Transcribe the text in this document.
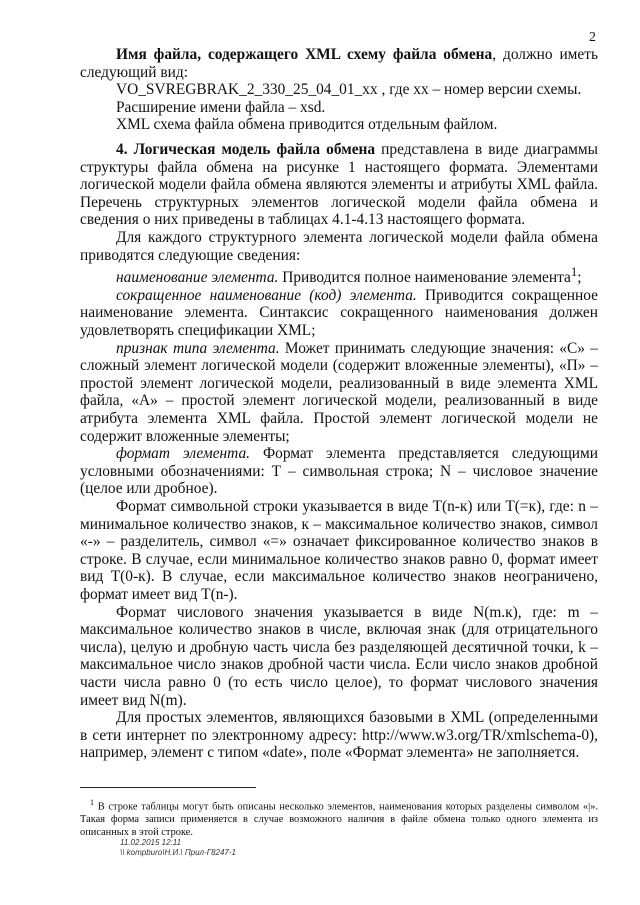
2

Имя файла, содержащего XML схему файла обмена, должно иметь следующий вид:

VO_SVREGBRAK_2_330_25_04_01_xx , где xx – номер версии схемы.

Расширение имени файла – xsd.

XML схема файла обмена приводится отдельным файлом.

4. Логическая модель файла обмена представлена в виде диаграммы структуры файла обмена на рисунке 1 настоящего формата. Элементами логической модели файла обмена являются элементы и атрибуты XML файла. Перечень структурных элементов логической модели файла обмена и сведения о них приведены в таблицах 4.1-4.13 настоящего формата.

Для каждого структурного элемента логической модели файла обмена приводятся следующие сведения:

наименование элемента. Приводится полное наименование элемента$^1$;

сокращенное наименование (код) элемента. Приводится сокращенное наименование элемента. Синтаксис сокращенного наименования должен удовлетворять спецификации XML;

признак типа элемента. Может принимать следующие значения: «С» – сложный элемент логической модели (содержит вложенные элементы), «П» – простой элемент логической модели, реализованный в виде элемента XML файла, «А» – простой элемент логической модели, реализованный в виде атрибута элемента XML файла. Простой элемент логической модели не содержит вложенные элементы;

формат элемента. Формат элемента представляется следующими условными обозначениями: Т – символьная строка; N – числовое значение (целое или дробное).

Формат символьной строки указывается в виде Т(n-к) или Т(=к), где: n – минимальное количество знаков, к – максимальное количество знаков, символ «-» – разделитель, символ «=» означает фиксированное количество знаков в строке. В случае, если минимальное количество знаков равно 0, формат имеет вид Т(0-к). В случае, если максимальное количество знаков неограничено, формат имеет вид Т(n-).

Формат числового значения указывается в виде N(m.к), где: m – максимальное количество знаков в числе, включая знак (для отрицательного числа), целую и дробную часть числа без разделяющей десятичной точки, k – максимальное число знаков дробной части числа. Если число знаков дробной части числа равно 0 (то есть число целое), то формат числового значения имеет вид N(m).

Для простых элементов, являющихся базовыми в XML (определенными в сети интернет по электронному адресу: http://www.w3.org/TR/xmlschema-0), например, элемент с типом «date», поле «Формат элемента» не заполняется.

$^1$ В строке таблицы могут быть описаны несколько элементов, наименования которых разделены символом «|». Такая форма записи применяется в случае возможного наличия в файле обмена только одного элемента из описанных в этой строке.
11.02.2015 12:11
\\ kompburo\Н.И.\ Прил-Г8247-1
